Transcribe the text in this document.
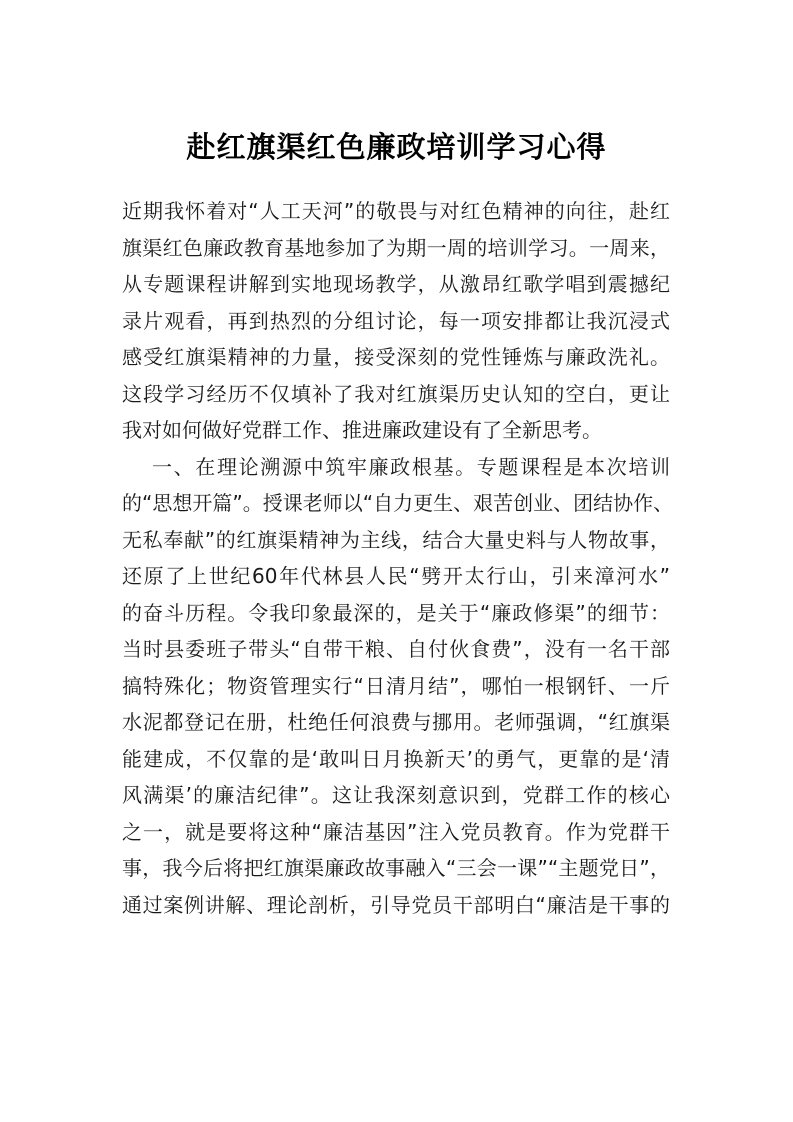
赴红旗渠红色廉政培训学习心得
近期我怀着对“人工天河”的敬畏与对红色精神的向往，赴红
旗渠红色廉政教育基地参加了为期一周的培训学习。一周来，
从专题课程讲解到实地现场教学，从激昂红歌学唱到震撼纪
录片观看，再到热烈的分组讨论，每一项安排都让我沉浸式
感受红旗渠精神的力量，接受深刻的党性锤炼与廉政洗礼。
这段学习经历不仅填补了我对红旗渠历史认知的空白，更让
我对如何做好党群工作、推进廉政建设有了全新思考。
一、在理论溯源中筑牢廉政根基。专题课程是本次培训
的“思想开篇”。授课老师以“自力更生、艰苦创业、团结协作、
无私奉献”的红旗渠精神为主线，结合大量史料与人物故事，
还原了上世纪60年代林县人民“劈开太行山，引来漳河水”
的奋斗历程。令我印象最深的，是关于“廉政修渠”的细节：
当时县委班子带头“自带干粮、自付伙食费”，没有一名干部
搞特殊化；物资管理实行“日清月结”，哪怕一根钢钎、一斤
水泥都登记在册，杜绝任何浪费与挪用。老师强调，“红旗渠
能建成，不仅靠的是‘敢叫日月换新天’的勇气，更靠的是‘清
风满渠’的廉洁纪律”。这让我深刻意识到，党群工作的核心
之一，就是要将这种“廉洁基因”注入党员教育。作为党群干
事，我今后将把红旗渠廉政故事融入“三会一课”“主题党日”，
通过案例讲解、理论剖析，引导党员干部明白“廉洁是干事的
